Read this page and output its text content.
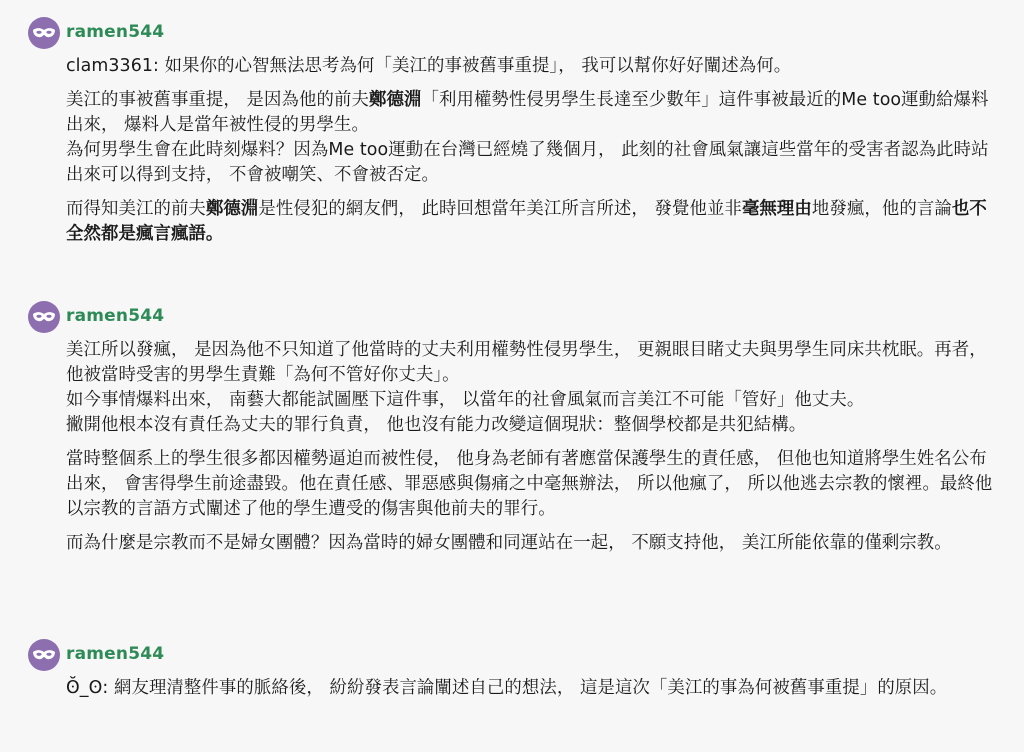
ramen544

clam3361: 如果你的心智無法思考為何「美江的事被舊事重提」， 我可以幫你好好闡述為何。

美江的事被舊事重提， 是因為他的前夫鄭德淵「利用權勢性侵男學生長達至少數年」這件事被最近的Me too運動給爆料出來， 爆料人是當年被性侵的男學生。
為何男學生會在此時刻爆料？因為Me too運動在台灣已經燒了幾個月， 此刻的社會風氣讓這些當年的受害者認為此時站出來可以得到支持， 不會被嘲笑、不會被否定。

而得知美江的前夫鄭德淵是性侵犯的網友們， 此時回想當年美江所言所述， 發覺他並非毫無理由地發瘋，他的言論也不全然都是瘋言瘋語。

ramen544

美江所以發瘋， 是因為他不只知道了他當時的丈夫利用權勢性侵男學生， 更親眼目睹丈夫與男學生同床共枕眠。再者， 他被當時受害的男學生責難「為何不管好你丈夫」。
如今事情爆料出來， 南藝大都能試圖壓下這件事， 以當年的社會風氣而言美江不可能「管好」他丈夫。
撇開他根本沒有責任為丈夫的罪行負責， 他也沒有能力改變這個現狀：整個學校都是共犯結構。

當時整個系上的學生很多都因權勢逼迫而被性侵， 他身為老師有著應當保護學生的責任感， 但他也知道將學生姓名公布出來， 會害得學生前途盡毀。他在責任感、罪惡感與傷痛之中毫無辦法， 所以他瘋了， 所以他逃去宗教的懷裡。最終他以宗教的言語方式闡述了他的學生遭受的傷害與他前夫的罪行。

而為什麼是宗教而不是婦女團體？因為當時的婦女團體和同運站在一起， 不願支持他， 美江所能依靠的僅剩宗教。

ramen544

ʘ̆_ʘ: 網友理清整件事的脈絡後， 紛紛發表言論闡述自己的想法， 這是這次「美江的事為何被舊事重提」的原因。
